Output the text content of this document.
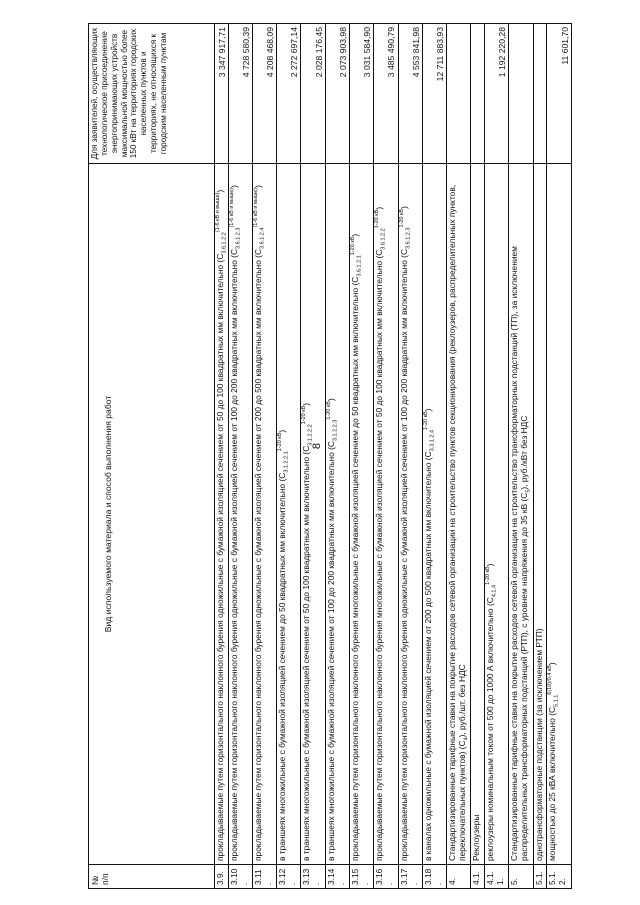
8
№ п/п	Вид используемого материала и способ выполнения работ	Для заявителей, осуществляющих технологическое присоединение энергопринимающих устройств максимальной мощностью более 150 кВт на территориях городских населенных пунктов и территориях, не относящихся к городским населенным пунктам
3.9.	прокладываемые путем горизонтального наклонного бурения одножильные с бумажной изоляцией сечением от 50 до 100 квадратных мм включительно $(С_{3.6.1.2.2}^{(1-6 кВ и выше)})$	3 347 917,71
3.10.	прокладываемые путем горизонтального наклонного бурения одножильные с бумажной изоляцией сечением от 100 до 200 квадратных мм включительно $(С_{3.6.1.2.3}^{(1-6 кВ и выше)})$	4 728 580,39
3.11.	прокладываемые путем горизонтального наклонного бурения одножильные с бумажной изоляцией сечением от 200 до 500 квадратных мм включительно $(С_{3.6.1.2.4}^{(1-6 кВ и выше)})$	4 208 468,09
3.12.	в траншеях многожильные с бумажной изоляцией сечением до 50 квадратных мм включительно $(С_{3.1.2.2.1}^{1-20 кВ})$	2 272 697,14
3.13.	в траншеях многожильные с бумажной изоляцией сечением от 50 до 100 квадратных мм включительно $(С_{3.1.2.2.2}^{1-20 кВ})$	2 028 176,45
3.14.	в траншеях многожильные с бумажной изоляцией сечением от 100 до 200 квадратных мм включительно $(С_{3.1.2.2.3}^{1-20 кВ})$	2 073 903,98
3.15.	прокладываемые путем горизонтального наклонного бурения многожильные с бумажной изоляцией сечением до 50 квадратных мм включительно $(С_{3.6.1.2.1}^{1-20 кВ})$	3 031 584,90
3.16.	прокладываемые путем горизонтального наклонного бурения многожильные с бумажной изоляцией сечением от 50 до 100 квадратных мм включительно $(С_{3.6.1.2.2}^{1-20 кВ})$	3 485 490,79
3.17.	прокладываемые путем горизонтального наклонного бурения одножильные с бумажной изоляцией сечением от 100 до 200 квадратных мм включительно $(С_{3.6.1.2.3}^{1-20 кВ})$	4 553 841,98
3.18.	в каналах одножильные с бумажной изоляцией сечением от 200 до 500 квадратных мм включительно $(С_{3.3.1.2.4}^{1-20 кВ})$	12 711 883,93
4.	Стандартизированные тарифные ставки на покрытие расходов сетевой организации на строительство пунктов секционирования (реклоузеров, распределительных пунктов, переключательных пунктов) $(С_4)$, руб./шт. без НДС	
4.1.	Реклоузеры	
4.1.1.	реклоузеры номинальным током от 500 до 1000 А включительно $(С_{4.1.4}^{1-20 кВ})$	1 192 220,28
5.	Стандартизированные тарифные ставки на покрытие расходов сетевой организации на строительство трансформаторных подстанций (ТП), за исключением распределительных трансформаторных подстанций (РТП), с уровнем напряжения до 35 кВ $(С_5)$, руб./кВт без НДС	
5.1.	однотрансформаторные подстанции (за исключением РТП)	
5.1.2.	мощностью до 25 кВА включительно $(С_{5.1.1}^{6(10)/0,4 кВ})$	11 601,70
